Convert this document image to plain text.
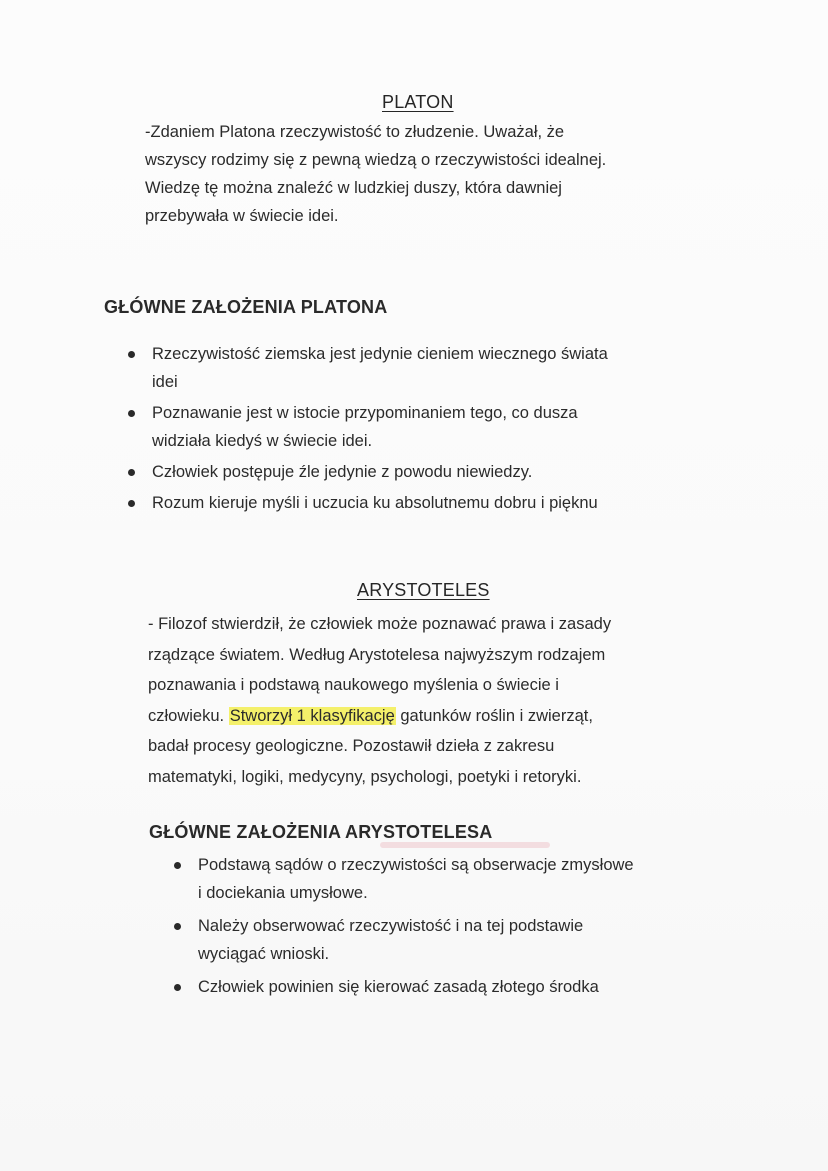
PLATON
-Zdaniem Platona rzeczywistość to złudzenie. Uważał, że
wszyscy rodzimy się z pewną wiedzą o rzeczywistości idealnej.
Wiedzę tę można znaleźć w ludzkiej duszy, która dawniej
przebywała w świecie idei.
GŁÓWNE ZAŁOŻENIA PLATONA
Rzeczywistość ziemska jest jedynie cieniem wiecznego świata
idei
Poznawanie jest w istocie przypominaniem tego, co dusza
widziała kiedyś w świecie idei.
Człowiek postępuje źle jedynie z powodu niewiedzy.
Rozum kieruje myśli i uczucia ku absolutnemu dobru i pięknu
ARYSTOTELES
- Filozof stwierdził, że człowiek może poznawać prawa i zasady
rządzące światem. Według Arystotelesa najwyższym rodzajem
poznawania i podstawą naukowego myślenia o świecie i
człowieku. Stworzył 1 klasyfikację gatunków roślin i zwierząt,
badał procesy geologiczne. Pozostawił dzieła z zakresu
matematyki, logiki, medycyny, psychologi, poetyki i retoryki.
GŁÓWNE ZAŁOŻENIA ARYSTOTELESA
Podstawą sądów o rzeczywistości są obserwacje zmysłowe
i dociekania umysłowe.
Należy obserwować rzeczywistość i na tej podstawie
wyciągać wnioski.
Człowiek powinien się kierować zasadą złotego środka
